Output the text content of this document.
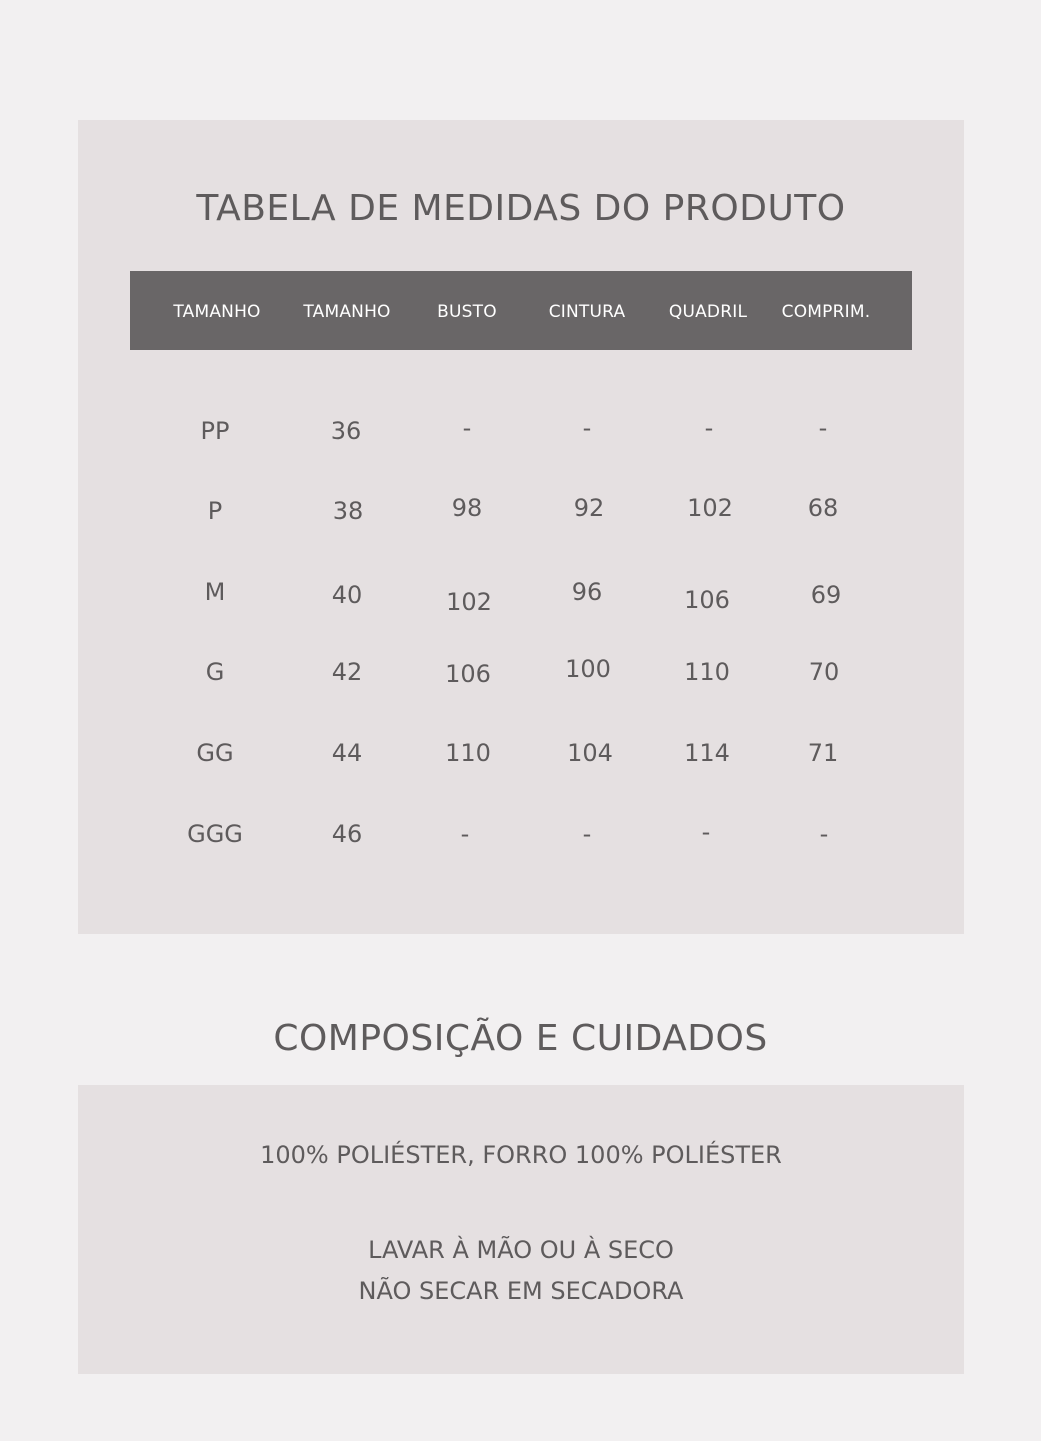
TABELA DE MEDIDAS DO PRODUTO
TAMANHO	TAMANHO	BUSTO	CINTURA	QUADRIL	COMPRIM.
PP	36	-	-	-	-
P	38	98	92	102	68
M	40	102	96	106	69
G	42	106	100	110	70
GG	44	110	104	114	71
GGG	46	-	-	-	-
COMPOSIÇÃO E CUIDADOS
100% POLIÉSTER, FORRO 100% POLIÉSTER
LAVAR À MÃO OU À SECO
NÃO SECAR EM SECADORA
